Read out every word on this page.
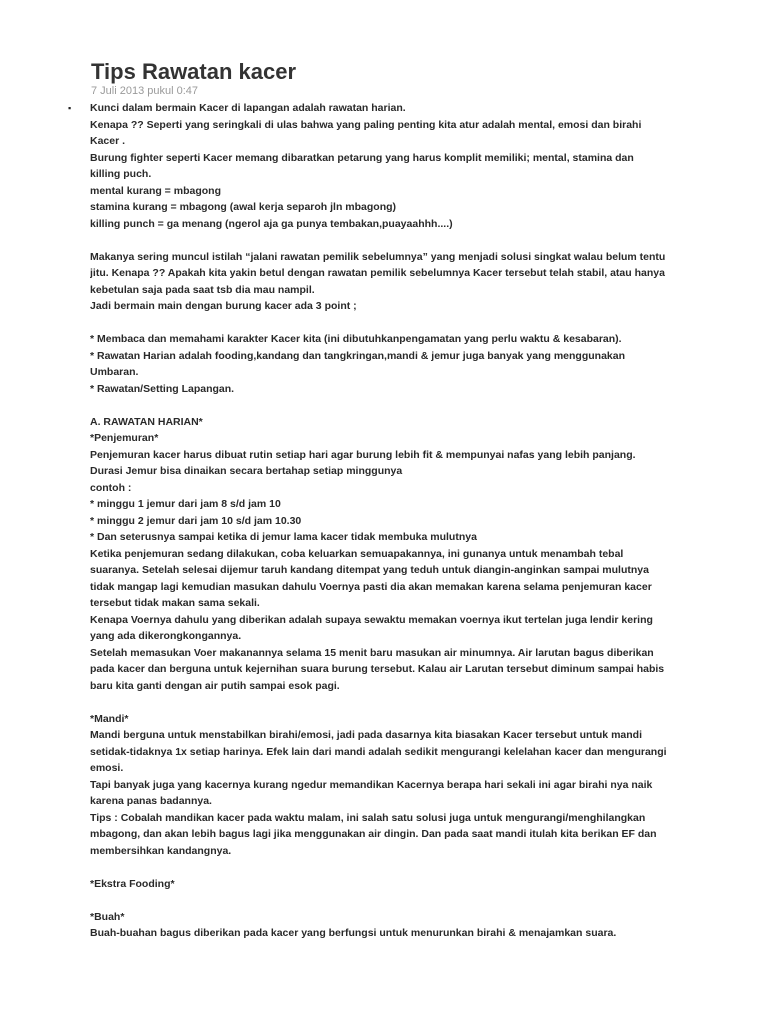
Tips Rawatan kacer
7 Juli 2013 pukul 0:47
▪ Kunci dalam bermain Kacer di lapangan adalah rawatan harian.
Kenapa ?? Seperti yang seringkali di ulas bahwa yang paling penting kita atur adalah mental, emosi dan birahi
Kacer .
Burung fighter seperti Kacer memang dibaratkan petarung yang harus komplit memiliki; mental, stamina dan
killing puch.
mental kurang = mbagong
stamina kurang = mbagong (awal kerja separoh jln mbagong)
killing punch = ga menang (ngerol aja ga punya tembakan,puayaahhh....)
Makanya sering muncul istilah “jalani rawatan pemilik sebelumnya” yang menjadi solusi singkat walau belum tentu
jitu. Kenapa ?? Apakah kita yakin betul dengan rawatan pemilik sebelumnya Kacer tersebut telah stabil, atau hanya
kebetulan saja pada saat tsb dia mau nampil.
Jadi bermain main dengan burung kacer ada 3 point ;
* Membaca dan memahami karakter Kacer kita (ini dibutuhkanpengamatan yang perlu waktu & kesabaran).
* Rawatan Harian adalah fooding,kandang dan tangkringan,mandi & jemur juga banyak yang menggunakan
Umbaran.
* Rawatan/Setting Lapangan.
A. RAWATAN HARIAN*
*Penjemuran*
Penjemuran kacer harus dibuat rutin setiap hari agar burung lebih fit & mempunyai nafas yang lebih panjang.
Durasi Jemur bisa dinaikan secara bertahap setiap minggunya
contoh :
* minggu 1 jemur dari jam 8 s/d jam 10
* minggu 2 jemur dari jam 10 s/d jam 10.30
* Dan seterusnya sampai ketika di jemur lama kacer tidak membuka mulutnya
Ketika penjemuran sedang dilakukan, coba keluarkan semuapakannya, ini gunanya untuk menambah tebal
suaranya. Setelah selesai dijemur taruh kandang ditempat yang teduh untuk diangin-anginkan sampai mulutnya
tidak mangap lagi kemudian masukan dahulu Voernya pasti dia akan memakan karena selama penjemuran kacer
tersebut tidak makan sama sekali.
Kenapa Voernya dahulu yang diberikan adalah supaya sewaktu memakan voernya ikut tertelan juga lendir kering
yang ada dikerongkongannya.
Setelah memasukan Voer makanannya selama 15 menit baru masukan air minumnya. Air larutan bagus diberikan
pada kacer dan berguna untuk kejernihan suara burung tersebut. Kalau air Larutan tersebut diminum sampai habis
baru kita ganti dengan air putih sampai esok pagi.
*Mandi*
Mandi berguna untuk menstabilkan birahi/emosi, jadi pada dasarnya kita biasakan Kacer tersebut untuk mandi
setidak-tidaknya 1x setiap harinya. Efek lain dari mandi adalah sedikit mengurangi kelelahan kacer dan mengurangi
emosi.
Tapi banyak juga yang kacernya kurang ngedur memandikan Kacernya berapa hari sekali ini agar birahi nya naik
karena panas badannya.
Tips : Cobalah mandikan kacer pada waktu malam, ini salah satu solusi juga untuk mengurangi/menghilangkan
mbagong, dan akan lebih bagus lagi jika menggunakan air dingin. Dan pada saat mandi itulah kita berikan EF dan
membersihkan kandangnya.
*Ekstra Fooding*
*Buah*
Buah-buahan bagus diberikan pada kacer yang berfungsi untuk menurunkan birahi & menajamkan suara.
